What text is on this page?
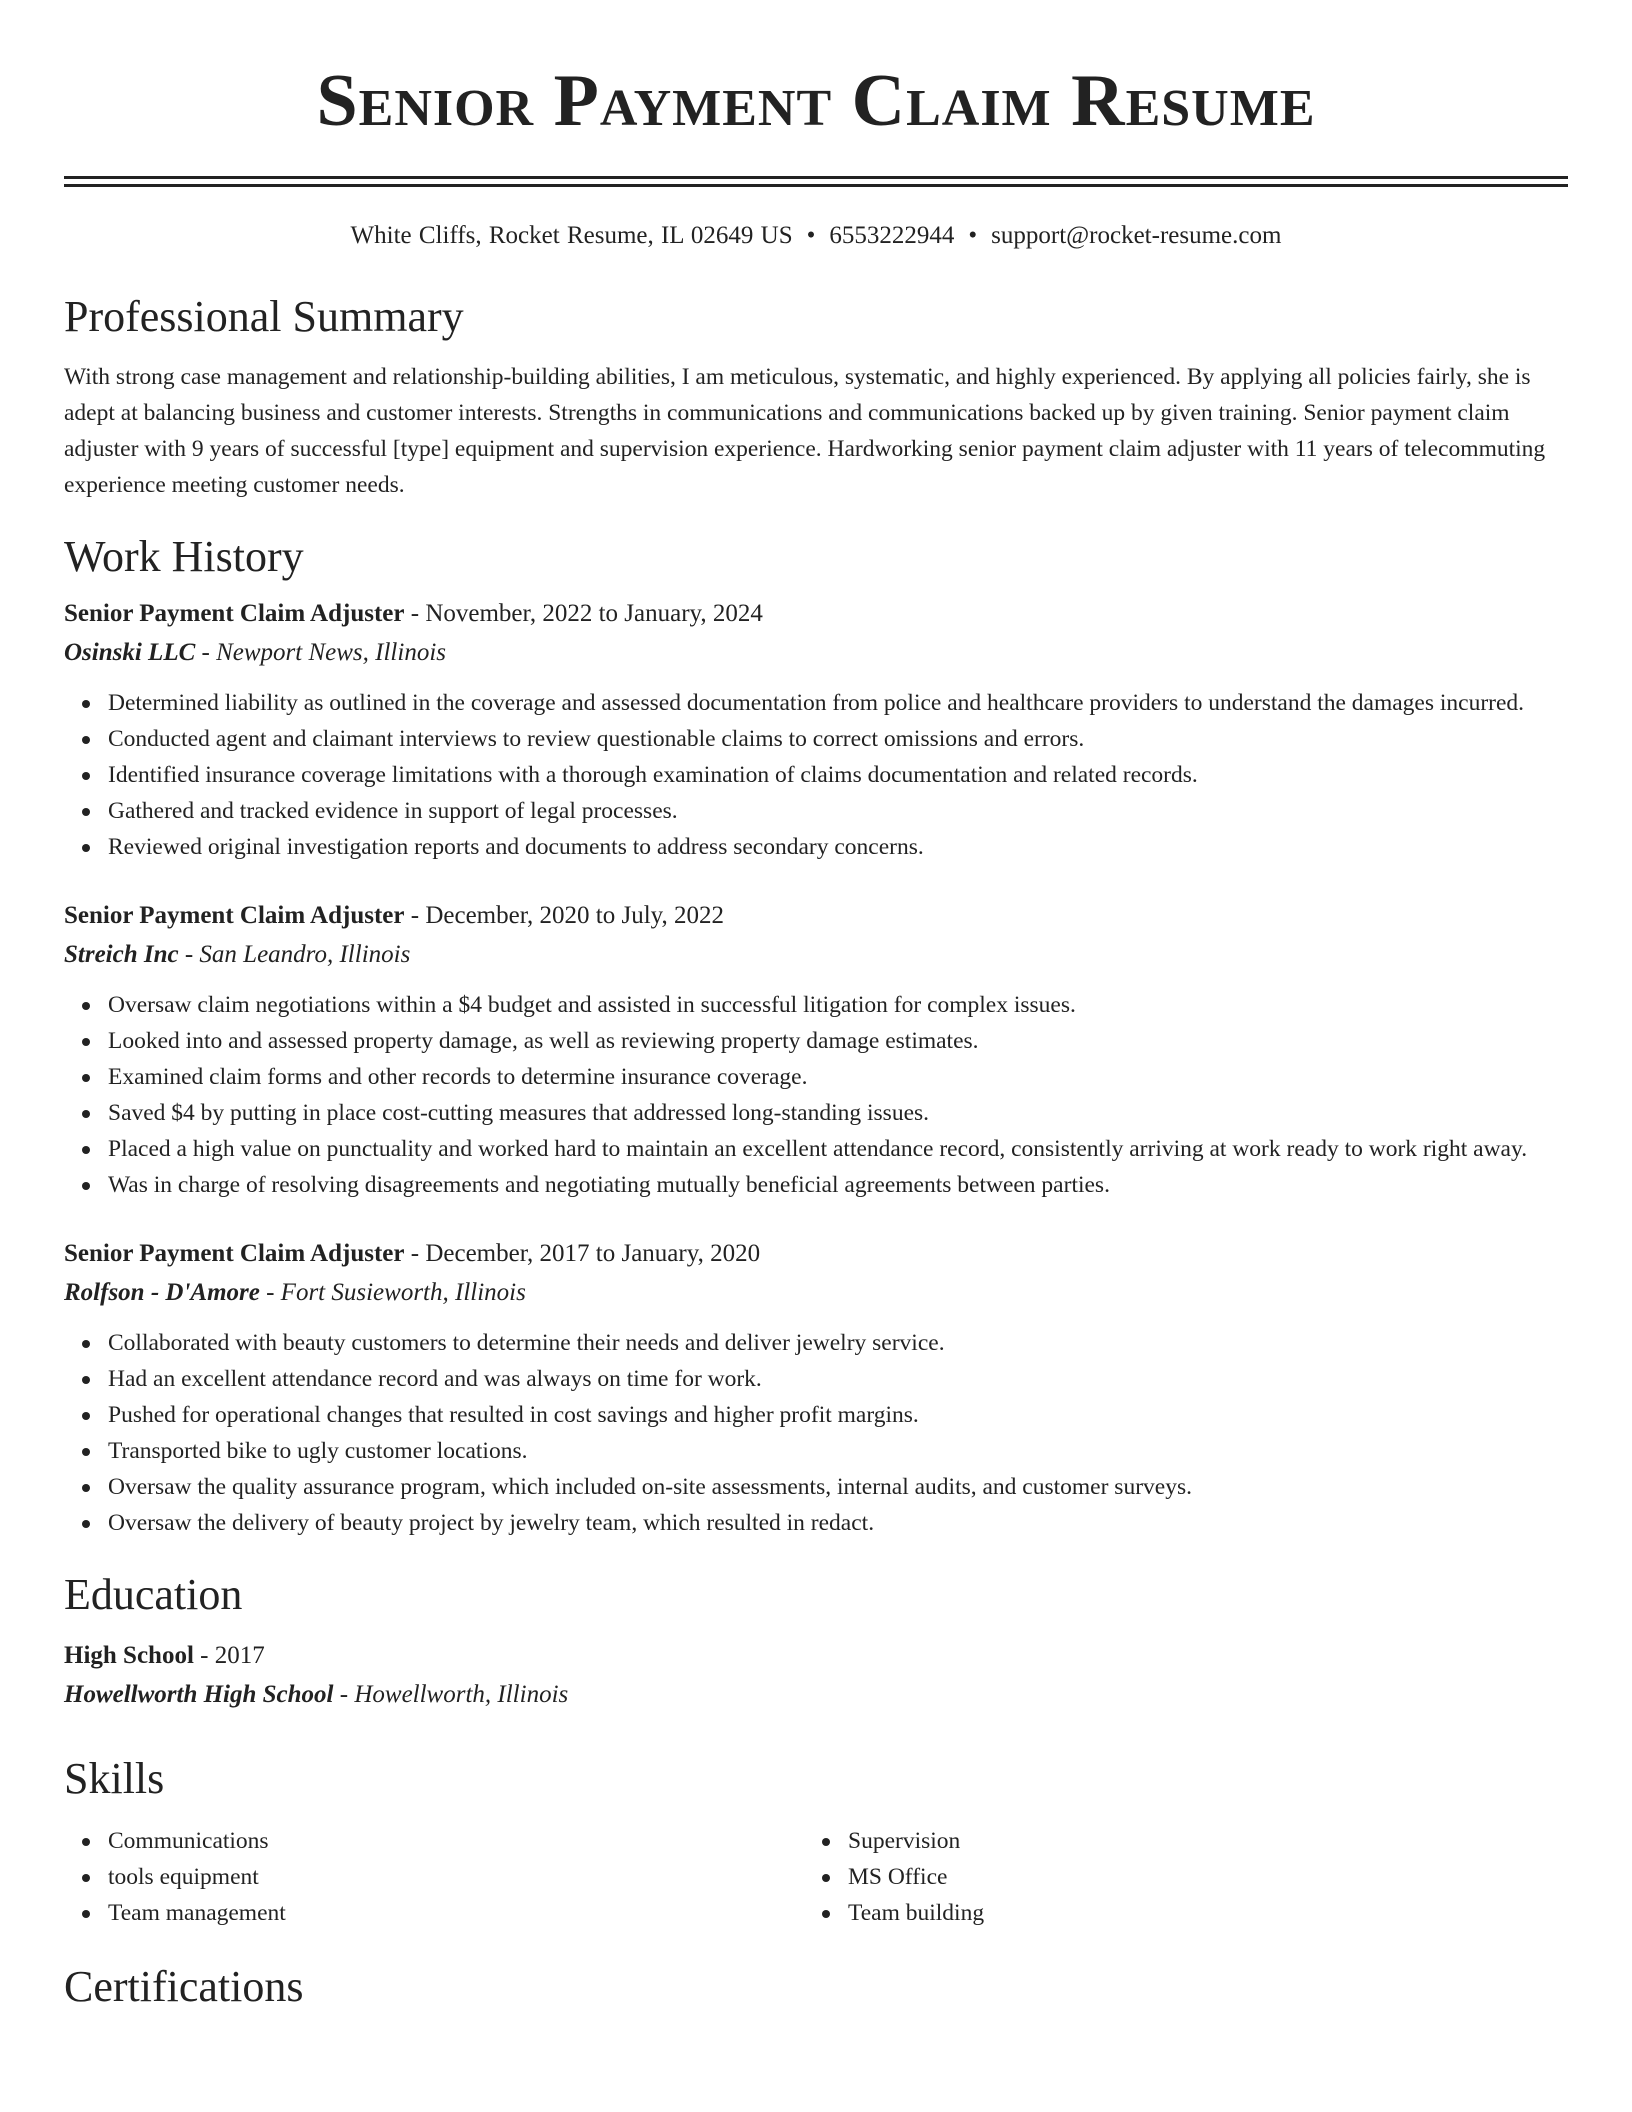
Senior Payment Claim Resume
White Cliffs, Rocket Resume, IL 02649 US • 6553222944 • support@rocket-resume.com
Professional Summary
With strong case management and relationship-building abilities, I am meticulous, systematic, and highly experienced. By applying all policies fairly, she is adept at balancing business and customer interests. Strengths in communications and communications backed up by given training. Senior payment claim adjuster with 9 years of successful [type] equipment and supervision experience. Hardworking senior payment claim adjuster with 11 years of telecommuting experience meeting customer needs.
Work History
Senior Payment Claim Adjuster - November, 2022 to January, 2024
Osinski LLC - Newport News, Illinois
Determined liability as outlined in the coverage and assessed documentation from police and healthcare providers to understand the damages incurred.
Conducted agent and claimant interviews to review questionable claims to correct omissions and errors.
Identified insurance coverage limitations with a thorough examination of claims documentation and related records.
Gathered and tracked evidence in support of legal processes.
Reviewed original investigation reports and documents to address secondary concerns.
Senior Payment Claim Adjuster - December, 2020 to July, 2022
Streich Inc - San Leandro, Illinois
Oversaw claim negotiations within a $4 budget and assisted in successful litigation for complex issues.
Looked into and assessed property damage, as well as reviewing property damage estimates.
Examined claim forms and other records to determine insurance coverage.
Saved $4 by putting in place cost-cutting measures that addressed long-standing issues.
Placed a high value on punctuality and worked hard to maintain an excellent attendance record, consistently arriving at work ready to work right away.
Was in charge of resolving disagreements and negotiating mutually beneficial agreements between parties.
Senior Payment Claim Adjuster - December, 2017 to January, 2020
Rolfson - D'Amore - Fort Susieworth, Illinois
Collaborated with beauty customers to determine their needs and deliver jewelry service.
Had an excellent attendance record and was always on time for work.
Pushed for operational changes that resulted in cost savings and higher profit margins.
Transported bike to ugly customer locations.
Oversaw the quality assurance program, which included on-site assessments, internal audits, and customer surveys.
Oversaw the delivery of beauty project by jewelry team, which resulted in redact.
Education
High School - 2017
Howellworth High School - Howellworth, Illinois
Skills
Communications
tools equipment
Team management
Supervision
MS Office
Team building
Certifications
